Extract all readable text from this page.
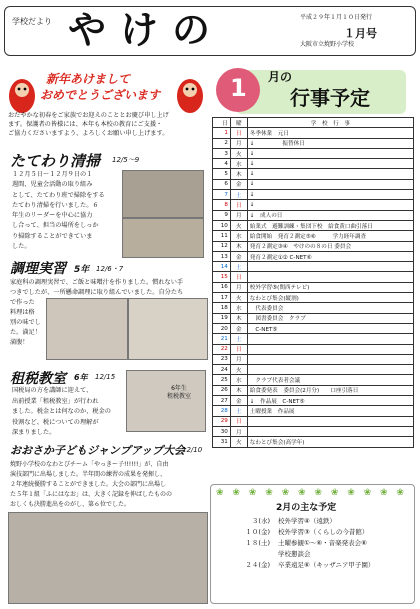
学校だより やけの	平成２９年１月１０日発行
１月号
大阪市立焼野小学校
新年あけまして
おめでとうございます
おだやかな初春をご家族でお迎えのこととお慶び申し上げ
ます。保護者の皆様には、本年も本校の教育にご支援・
ご協力くださいますよう、よろしくお願い申し上げます。
たてわり清掃 12/5〜9
１２月５日〜１２月９日の１
週間、児童会活動の取り組み
として、たてわり班で掃除をする
たてわり清掃を行いました。６
年生のリーダーを中心に協力
し合って、担当の場所をしっか
り掃除することができていま
した。
調理実習 5年 12/6・7
家庭科の調理実習で、ご飯と味噌汁を作りました。慣れない手
つきでしたが、一所懸命調理に取り組んでいました。自分たち
で作った
料理は格
別の味でし
た。満足！
満腹！
租税教室 6年 12/15
国税局の方を講師に迎えて、
出前授業「租税教室」が行われ
ました。税金とは何なのか、税金の
役割など、税についての理解が
深まりました。
6年生
租税教室
おおさか子どもジャンプアップ大会
12/10
焼野小学校のなわとびチーム「やっきー子!!!!!!」が、自由
演技部門に出場しました。半年間の練習の成果を発揮し、
２年連続優勝することができました。大会の部門に出場し
た５年１組「ふにはなお」は、大きく記録を伸ばしたものの
おしくも決勝進出をのがし、第６位でした。
1 月の
行事予定
日	曜	学　校　行　事
1	日	冬季休業　元日
2	月	↓　　　　　振替休日
3	火	↓
4	水	↓
5	木	↓
6	金	↓
7	土	↓
8	日	↓
9	月	↓　成人の日
10	火	始業式　避難訓練・集団下校　給食黄口曲引落日
11	水	給食開始　発育２測定⑤⑥　　　学力経年調査
12	木	発育２測定③④　やけのの８の日 委員会
13	金	発育２測定①② C-NET⑥
14	土	
15	日	
16	月	校外学習⑤(関西テレビ)
17	火	なわとび集会(縦割)
18	水	　代表委員会
19	木	　図書委員会　クラブ
20	金	　C-NET⑤
21	土	
22	日	
23	月	
24	火	
25	水	　クラブ代表者会議
26	木	給食委発表　委員会(2月分)　　口座引落日
27	金	↓　作品展　C-NET⑤
28	土	土曜授業　作品展
29	日	
30	月	
31	火	なわとび集会(高学年)
❀ ❀ ❀ ❀ ❀ ❀ ❀ ❀ ❀ ❀ ❀ ❀
2月の主な予定
３(水) 校外学習④（遠鉄）
１０(金) 校外学習③（くらしの今昔館）
１８(土) 土曜参観①〜⑥・音楽発表会⑥
学校懇談会
２４(金) 卒業遠足⑥（キッザニア甲子園）
